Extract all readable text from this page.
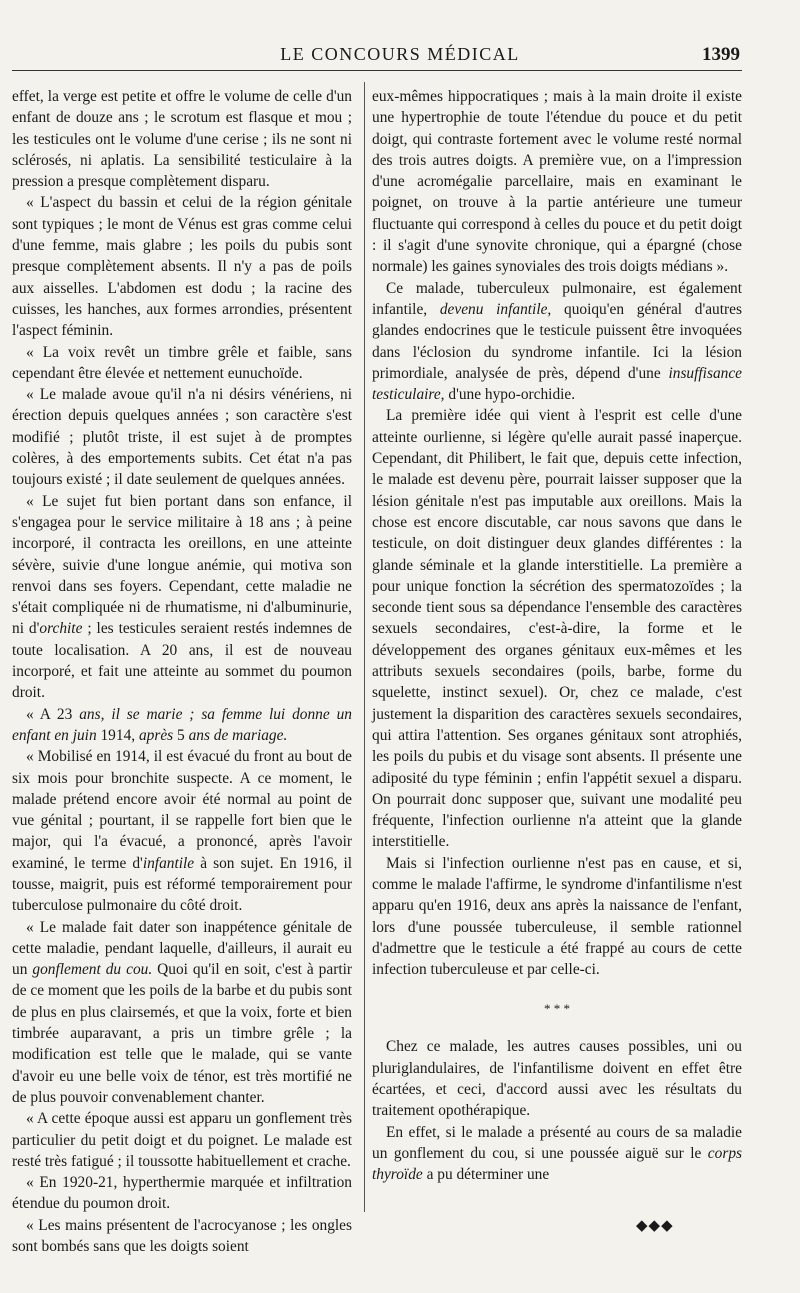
LE CONCOURS MÉDICAL	1399

effet, la verge est petite et offre le volume de celle d'un enfant de douze ans ; le scrotum est flasque et mou ; les testicules ont le volume d'une cerise ; ils ne sont ni sclérosés, ni aplatis. La sensibilité testiculaire à la pression a presque complètement disparu.

« L'aspect du bassin et celui de la région génitale sont typiques ; le mont de Vénus est gras comme celui d'une femme, mais glabre ; les poils du pubis sont presque complètement absents. Il n'y a pas de poils aux aisselles. L'abdomen est dodu ; la racine des cuisses, les hanches, aux formes arrondies, présentent l'aspect féminin.

« La voix revêt un timbre grêle et faible, sans cependant être élevée et nettement eunuchoïde.

« Le malade avoue qu'il n'a ni désirs vénériens, ni érection depuis quelques années ; son caractère s'est modifié ; plutôt triste, il est sujet à de promptes colères, à des emportements subits. Cet état n'a pas toujours existé ; il date seulement de quelques années.

« Le sujet fut bien portant dans son enfance, il s'engagea pour le service militaire à 18 ans ; à peine incorporé, il contracta les oreillons, en une atteinte sévère, suivie d'une longue anémie, qui motiva son renvoi dans ses foyers. Cependant, cette maladie ne s'était compliquée ni de rhumatisme, ni d'albuminurie, ni d'orchite ; les testicules seraient restés indemnes de toute localisation. A 20 ans, il est de nouveau incorporé, et fait une atteinte au sommet du poumon droit.

« A 23 ans, il se marie ; sa femme lui donne un enfant en juin 1914, après 5 ans de mariage.

« Mobilisé en 1914, il est évacué du front au bout de six mois pour bronchite suspecte. A ce moment, le malade prétend encore avoir été normal au point de vue génital ; pourtant, il se rappelle fort bien que le major, qui l'a évacué, a prononcé, après l'avoir examiné, le terme d'infantile à son sujet. En 1916, il tousse, maigrit, puis est réformé temporairement pour tuberculose pulmonaire du côté droit.

« Le malade fait dater son inappétence génitale de cette maladie, pendant laquelle, d'ailleurs, il aurait eu un gonflement du cou. Quoi qu'il en soit, c'est à partir de ce moment que les poils de la barbe et du pubis sont de plus en plus clairsemés, et que la voix, forte et bien timbrée auparavant, a pris un timbre grêle ; la modification est telle que le malade, qui se vante d'avoir eu une belle voix de ténor, est très mortifié ne de plus pouvoir convenablement chanter.

« A cette époque aussi est apparu un gonflement très particulier du petit doigt et du poignet. Le malade est resté très fatigué ; il toussotte habituellement et crache.

« En 1920-21, hyperthermie marquée et infiltration étendue du poumon droit.

« Les mains présentent de l'acrocyanose ; les ongles sont bombés sans que les doigts soient

eux-mêmes hippocratiques ; mais à la main droite il existe une hypertrophie de toute l'étendue du pouce et du petit doigt, qui contraste fortement avec le volume resté normal des trois autres doigts. A première vue, on a l'impression d'une acromégalie parcellaire, mais en examinant le poignet, on trouve à la partie antérieure une tumeur fluctuante qui correspond à celles du pouce et du petit doigt : il s'agit d'une synovite chronique, qui a épargné (chose normale) les gaines synoviales des trois doigts médians ».

Ce malade, tuberculeux pulmonaire, est également infantile, devenu infantile, quoiqu'en général d'autres glandes endocrines que le testicule puissent être invoquées dans l'éclosion du syndrome infantile. Ici la lésion primordiale, analysée de près, dépend d'une insuffisance testiculaire, d'une hypo-orchidie.

La première idée qui vient à l'esprit est celle d'une atteinte ourlienne, si légère qu'elle aurait passé inaperçue. Cependant, dit Philibert, le fait que, depuis cette infection, le malade est devenu père, pourrait laisser supposer que la lésion génitale n'est pas imputable aux oreillons. Mais la chose est encore discutable, car nous savons que dans le testicule, on doit distinguer deux glandes différentes : la glande séminale et la glande interstitielle. La première a pour unique fonction la sécrétion des spermatozoïdes ; la seconde tient sous sa dépendance l'ensemble des caractères sexuels secondaires, c'est-à-dire, la forme et le développement des organes génitaux eux-mêmes et les attributs sexuels secondaires (poils, barbe, forme du squelette, instinct sexuel). Or, chez ce malade, c'est justement la disparition des caractères sexuels secondaires, qui attira l'attention. Ses organes génitaux sont atrophiés, les poils du pubis et du visage sont absents. Il présente une adiposité du type féminin ; enfin l'appétit sexuel a disparu. On pourrait donc supposer que, suivant une modalité peu fréquente, l'infection ourlienne n'a atteint que la glande interstitielle.

Mais si l'infection ourlienne n'est pas en cause, et si, comme le malade l'affirme, le syndrome d'infantilisme n'est apparu qu'en 1916, deux ans après la naissance de l'enfant, lors d'une poussée tuberculeuse, il semble rationnel d'admettre que le testicule a été frappé au cours de cette infection tuberculeuse et par celle-ci.

* * *

Chez ce malade, les autres causes possibles, uni ou pluriglandulaires, de l'infantilisme doivent en effet être écartées, et ceci, d'accord aussi avec les résultats du traitement opothérapique.

En effet, si le malade a présenté au cours de sa maladie un gonflement du cou, si une poussée aiguë sur le corps thyroïde a pu déterminer une

◆◆◆
